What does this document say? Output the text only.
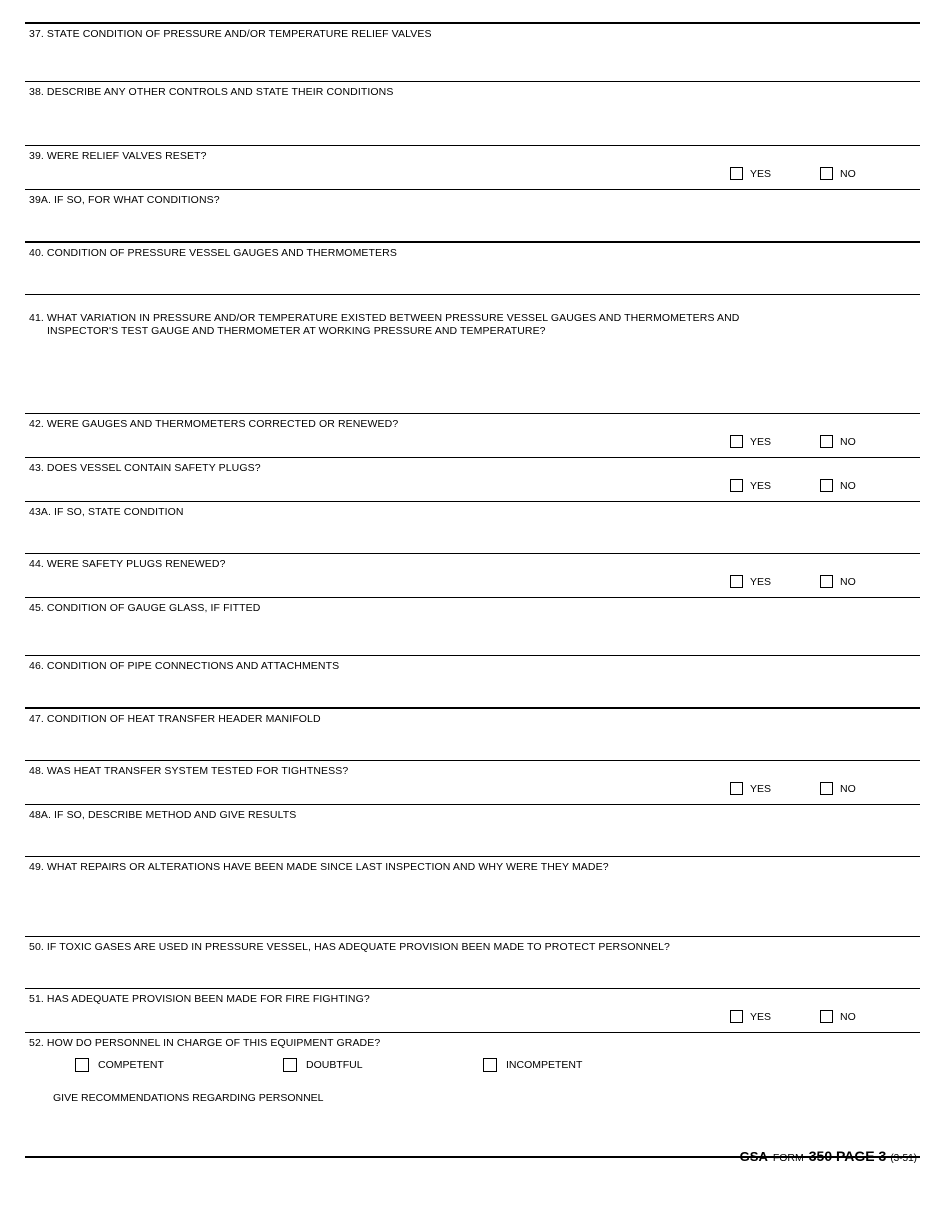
37. STATE CONDITION OF PRESSURE AND/OR TEMPERATURE RELIEF VALVES
38. DESCRIBE ANY OTHER CONTROLS AND STATE THEIR CONDITIONS
39. WERE RELIEF VALVES RESET?
YES	NO
39A. IF SO, FOR WHAT CONDITIONS?
40. CONDITION OF PRESSURE VESSEL GAUGES AND THERMOMETERS

41. WHAT VARIATION IN PRESSURE AND/OR TEMPERATURE EXISTED BETWEEN PRESSURE VESSEL GAUGES AND THERMOMETERS AND

INSPECTOR'S TEST GAUGE AND THERMOMETER AT WORKING PRESSURE AND TEMPERATURE?

42. WERE GAUGES AND THERMOMETERS CORRECTED OR RENEWED?
YES	NO
43. DOES VESSEL CONTAIN SAFETY PLUGS?
YES	NO
43A. IF SO, STATE CONDITION
44. WERE SAFETY PLUGS RENEWED?
YES	NO
45. CONDITION OF GAUGE GLASS, IF FITTED
46. CONDITION OF PIPE CONNECTIONS AND ATTACHMENTS
47. CONDITION OF HEAT TRANSFER HEADER MANIFOLD
48. WAS HEAT TRANSFER SYSTEM TESTED FOR TIGHTNESS?
YES	NO
48A. IF SO, DESCRIBE METHOD AND GIVE RESULTS
49. WHAT REPAIRS OR ALTERATIONS HAVE BEEN MADE SINCE LAST INSPECTION AND WHY WERE THEY MADE?
50. IF TOXIC GASES ARE USED IN PRESSURE VESSEL, HAS ADEQUATE PROVISION BEEN MADE TO PROTECT PERSONNEL?
51. HAS ADEQUATE PROVISION BEEN MADE FOR FIRE FIGHTING?
YES	NO
52. HOW DO PERSONNEL IN CHARGE OF THIS EQUIPMENT GRADE?
COMPETENT	DOUBTFUL	INCOMPETENT
GIVE RECOMMENDATIONS REGARDING PERSONNEL
GSA FORM 350 PAGE 3 (3-51)
